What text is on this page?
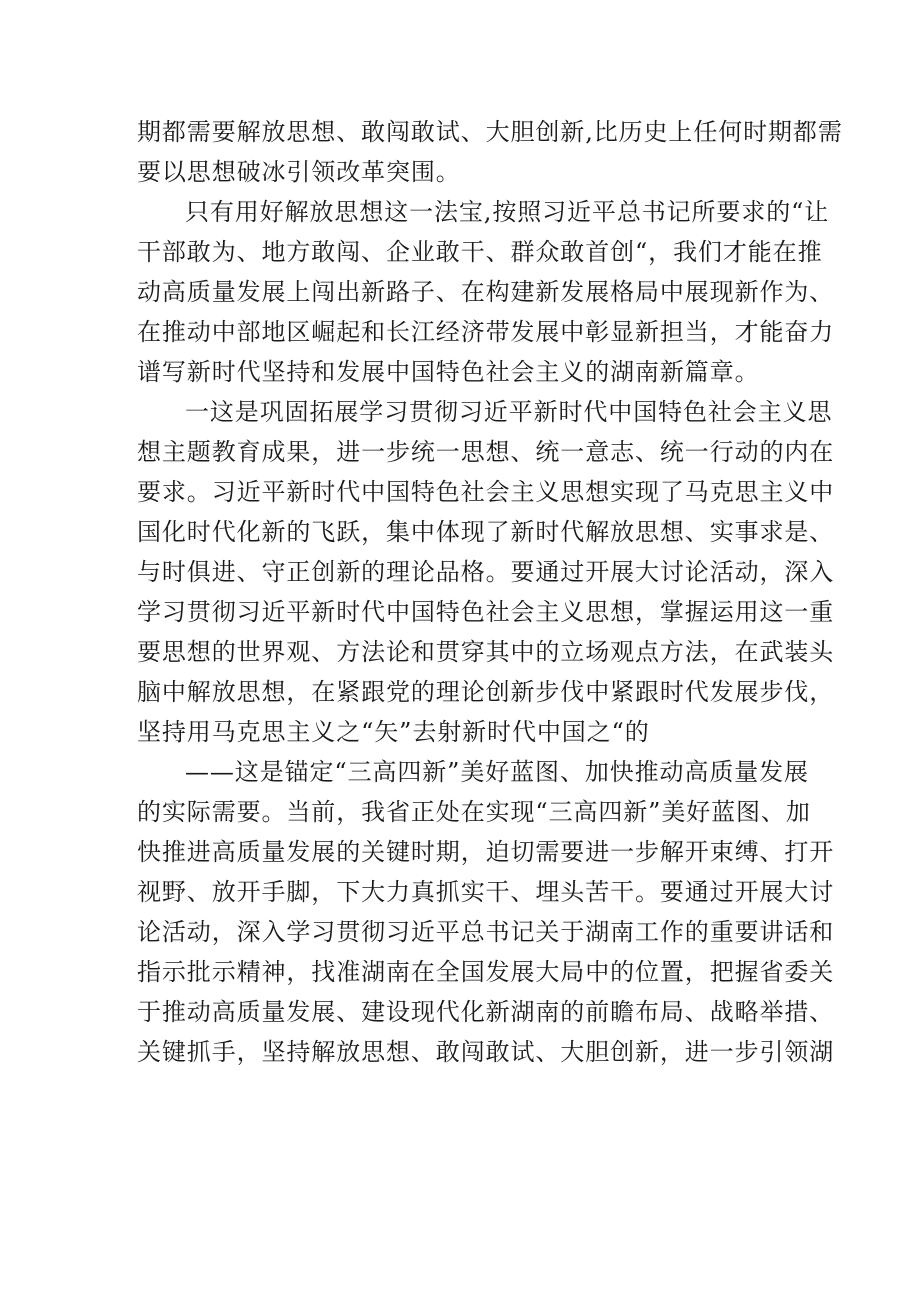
期都需要解放思想、敢闯敢试、大胆创新,比历史上任何时期都需
要以思想破冰引领改革突围。
只有用好解放思想这一法宝,按照习近平总书记所要求的“让
干部敢为、地方敢闯、企业敢干、群众敢首创“，我们才能在推
动高质量发展上闯出新路子、在构建新发展格局中展现新作为、
在推动中部地区崛起和长江经济带发展中彰显新担当，才能奋力
谱写新时代坚持和发展中国特色社会主义的湖南新篇章。
一这是巩固拓展学习贯彻习近平新时代中国特色社会主义思
想主题教育成果，进一步统一思想、统一意志、统一行动的内在
要求。习近平新时代中国特色社会主义思想实现了马克思主义中
国化时代化新的飞跃，集中体现了新时代解放思想、实事求是、
与时俱进、守正创新的理论品格。要通过开展大讨论活动，深入
学习贯彻习近平新时代中国特色社会主义思想，掌握运用这一重
要思想的世界观、方法论和贯穿其中的立场观点方法，在武装头
脑中解放思想，在紧跟党的理论创新步伐中紧跟时代发展步伐，
坚持用马克思主义之“矢”去射新时代中国之“的
——这是锚定“三高四新”美好蓝图、加快推动高质量发展
的实际需要。当前，我省正处在实现“三高四新”美好蓝图、加
快推进高质量发展的关键时期，迫切需要进一步解开束缚、打开
视野、放开手脚，下大力真抓实干、埋头苦干。要通过开展大讨
论活动，深入学习贯彻习近平总书记关于湖南工作的重要讲话和
指示批示精神，找准湖南在全国发展大局中的位置，把握省委关
于推动高质量发展、建设现代化新湖南的前瞻布局、战略举措、
关键抓手，坚持解放思想、敢闯敢试、大胆创新，进一步引领湖
